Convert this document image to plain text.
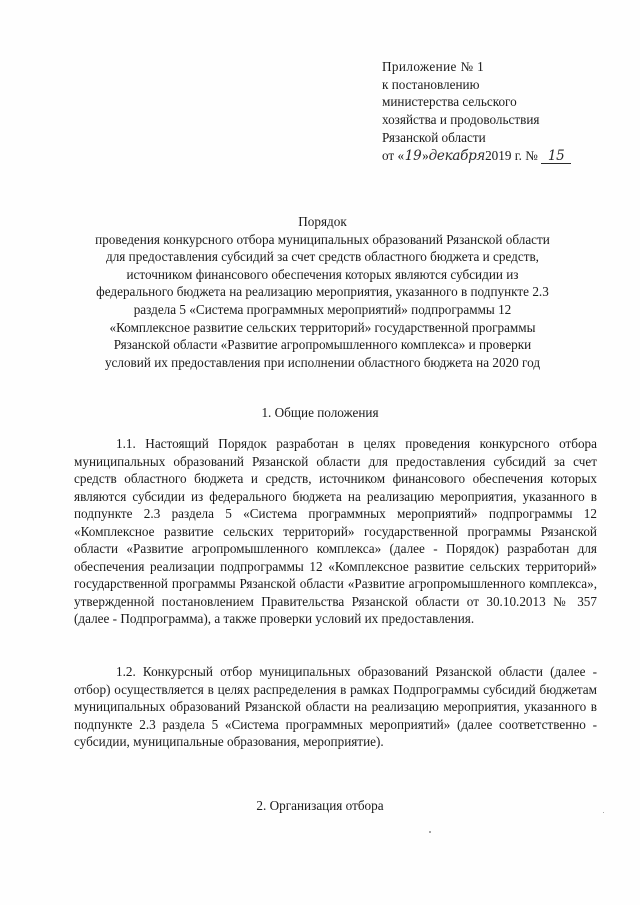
Приложение № 1
к постановлению
министерства сельского
хозяйства и продовольствия
Рязанской области
от «19»декабря2019 г. № 15
Порядок
проведения конкурсного отбора муниципальных образований Рязанской области для предоставления субсидий за счет средств областного бюджета и средств, источником финансового обеспечения которых являются субсидии из федерального бюджета на реализацию мероприятия, указанного в подпункте 2.3 раздела 5 «Система программных мероприятий» подпрограммы 12 «Комплексное развитие сельских территорий» государственной программы Рязанской области «Развитие агропромышленного комплекса» и проверки условий их предоставления при исполнении областного бюджета на 2020 год
1. Общие положения

1.1. Настоящий Порядок разработан в целях проведения конкурсного отбора муниципальных образований Рязанской области для предоставления субсидий за счет средств областного бюджета и средств, источником финансового обеспечения которых являются субсидии из федерального бюджета на реализацию мероприятия, указанного в подпункте 2.3 раздела 5 «Система программных мероприятий» подпрограммы 12 «Комплексное развитие сельских территорий» государственной программы Рязанской области «Развитие агропромышленного комплекса» (далее - Порядок) разработан для обеспечения реализации подпрограммы 12 «Комплексное развитие сельских территорий» государственной программы Рязанской области «Развитие агропромышленного комплекса», утвержденной постановлением Правительства Рязанской области от 30.10.2013 № 357 (далее - Подпрограмма), а также проверки условий их предоставления.

1.2. Конкурсный отбор муниципальных образований Рязанской области (далее - отбор) осуществляется в целях распределения в рамках Подпрограммы субсидий бюджетам муниципальных образований Рязанской области на реализацию мероприятия, указанного в подпункте 2.3 раздела 5 «Система программных мероприятий» (далее соответственно - субсидии, муниципальные образования, мероприятие).

2. Организация отбора
